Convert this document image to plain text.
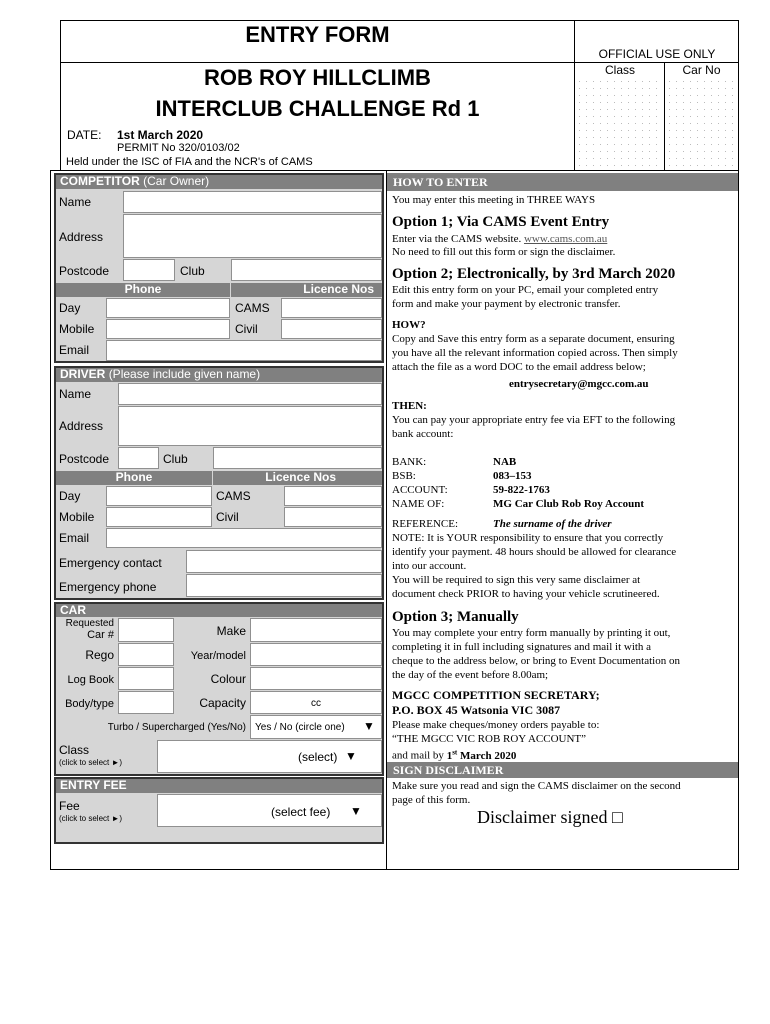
ENTRY FORM
OFFICIAL USE ONLY
Class	Car No
ROB ROY HILLCLIMB
INTERCLUB CHALLENGE Rd 1
DATE: 1st March 2020
PERMIT No 320/0103/02
Held under the ISC of FIA and the NCR's of CAMS
COMPETITOR (Car Owner)
Name
Address
Postcode	Club
Phone	Licence Nos
Day	CAMS
Mobile	Civil
Email
DRIVER (Please include given name)
Name
Address
Postcode	Club
Phone	Licence Nos
Day	CAMS
Mobile	Civil
Email
Emergency contact
Emergency phone
CAR
Requested
Car #	Make
Rego	Year/model
Log Book	Colour
Body/type	Capacity	cc
Turbo / Supercharged (Yes/No) Yes / No (circle one) ▼
Class
(click to select ►)	(select) ▼
ENTRY FEE
Fee
(click to select ►)	(select fee) ▼
HOW TO ENTER

You may enter this meeting in THREE WAYS

Option 1; Via CAMS Event Entry

Enter via the CAMS website. www.cams.com.au

No need to fill out this form or sign the disclaimer.

Option 2; Electronically, by 3rd March 2020

Edit this entry form on your PC, email your completed entry

form and make your payment by electronic transfer.

HOW?

Copy and Save this entry form as a separate document, ensuring

you have all the relevant information copied across. Then simply

attach the file as a word DOC to the email address below;

entrysecretary@mgcc.com.au

THEN:

You can pay your appropriate entry fee via EFT to the following

bank account:

BANK:	NAB

BSB:	083–153

ACCOUNT:	59-822-1763

NAME OF:	MG Car Club Rob Roy Account

REFERENCE:	The surname of the driver

NOTE: It is YOUR responsibility to ensure that you correctly

identify your payment. 48 hours should be allowed for clearance

into our account.

You will be required to sign this very same disclaimer at

document check PRIOR to having your vehicle scrutineered.

Option 3; Manually

You may complete your entry form manually by printing it out,

completing it in full including signatures and mail it with a

cheque to the address below, or bring to Event Documentation on

the day of the event before 8.00am;

MGCC COMPETITION SECRETARY;

P.O. BOX 45 Watsonia VIC 3087

Please make cheques/money orders payable to:

“THE MGCC VIC ROB ROY ACCOUNT”

and mail by 1st March 2020

SIGN DISCLAIMER
Make sure you read and sign the CAMS disclaimer on the second
page of this form.
Disclaimer signed □
